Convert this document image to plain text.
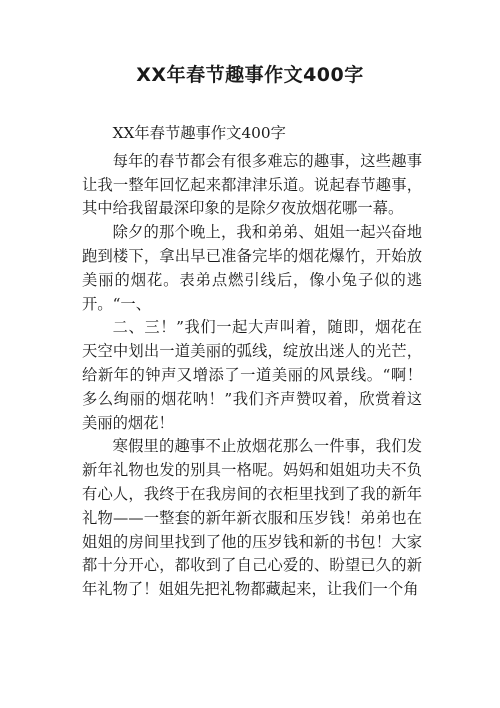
XX年春节趣事作文400字

XX年春节趣事作文400字

每年的春节都会有很多难忘的趣事，这些趣事让我一整年回忆起来都津津乐道。说起春节趣事，其中给我留最深印象的是除夕夜放烟花哪一幕。

除夕的那个晚上，我和弟弟、姐姐一起兴奋地跑到楼下，拿出早已准备完毕的烟花爆竹，开始放美丽的烟花。表弟点燃引线后，像小兔子似的逃开。“一、

二、三！”我们一起大声叫着，随即，烟花在天空中划出一道美丽的弧线，绽放出迷人的光芒，给新年的钟声又增添了一道美丽的风景线。“啊！多么绚丽的烟花呐！”我们齐声赞叹着，欣赏着这美丽的烟花！

寒假里的趣事不止放烟花那么一件事，我们发新年礼物也发的别具一格呢。妈妈和姐姐功夫不负有心人，我终于在我房间的衣柜里找到了我的新年礼物——一整套的新年新衣服和压岁钱！弟弟也在姐姐的房间里找到了他的压岁钱和新的书包！大家都十分开心，都收到了自己心爱的、盼望已久的新年礼物了！姐姐先把礼物都藏起来，让我们一个角
